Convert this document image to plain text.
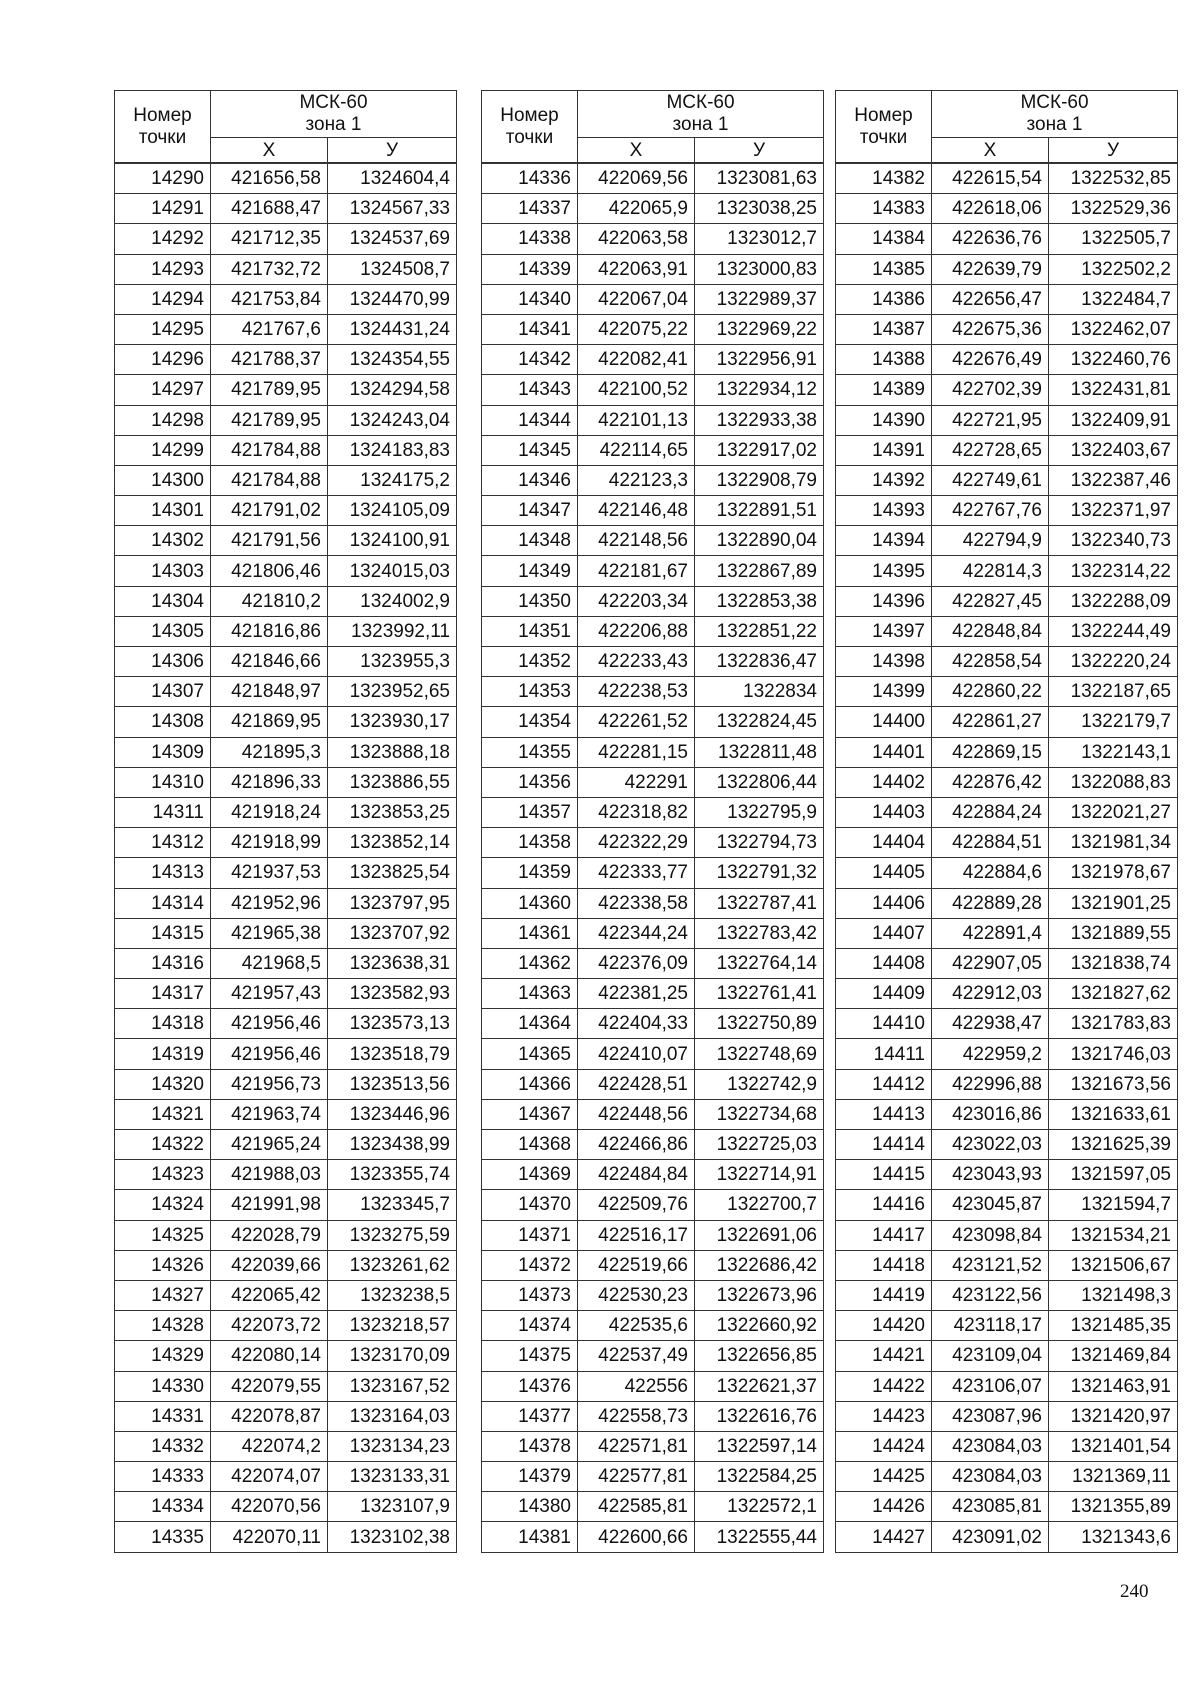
Номер
точки	МСК-60
зона 1	
	Х	У
14290	421656,58	1324604,4
14291	421688,47	1324567,33
14292	421712,35	1324537,69
14293	421732,72	1324508,7
14294	421753,84	1324470,99
14295	421767,6	1324431,24
14296	421788,37	1324354,55
14297	421789,95	1324294,58
14298	421789,95	1324243,04
14299	421784,88	1324183,83
14300	421784,88	1324175,2
14301	421791,02	1324105,09
14302	421791,56	1324100,91
14303	421806,46	1324015,03
14304	421810,2	1324002,9
14305	421816,86	1323992,11
14306	421846,66	1323955,3
14307	421848,97	1323952,65
14308	421869,95	1323930,17
14309	421895,3	1323888,18
14310	421896,33	1323886,55
14311	421918,24	1323853,25
14312	421918,99	1323852,14
14313	421937,53	1323825,54
14314	421952,96	1323797,95
14315	421965,38	1323707,92
14316	421968,5	1323638,31
14317	421957,43	1323582,93
14318	421956,46	1323573,13
14319	421956,46	1323518,79
14320	421956,73	1323513,56
14321	421963,74	1323446,96
14322	421965,24	1323438,99
14323	421988,03	1323355,74
14324	421991,98	1323345,7
14325	422028,79	1323275,59
14326	422039,66	1323261,62
14327	422065,42	1323238,5
14328	422073,72	1323218,57
14329	422080,14	1323170,09
14330	422079,55	1323167,52
14331	422078,87	1323164,03
14332	422074,2	1323134,23
14333	422074,07	1323133,31
14334	422070,56	1323107,9
14335	422070,11	1323102,38
Номер
точки	МСК-60
зона 1	
	Х	У
14336	422069,56	1323081,63
14337	422065,9	1323038,25
14338	422063,58	1323012,7
14339	422063,91	1323000,83
14340	422067,04	1322989,37
14341	422075,22	1322969,22
14342	422082,41	1322956,91
14343	422100,52	1322934,12
14344	422101,13	1322933,38
14345	422114,65	1322917,02
14346	422123,3	1322908,79
14347	422146,48	1322891,51
14348	422148,56	1322890,04
14349	422181,67	1322867,89
14350	422203,34	1322853,38
14351	422206,88	1322851,22
14352	422233,43	1322836,47
14353	422238,53	1322834
14354	422261,52	1322824,45
14355	422281,15	1322811,48
14356	422291	1322806,44
14357	422318,82	1322795,9
14358	422322,29	1322794,73
14359	422333,77	1322791,32
14360	422338,58	1322787,41
14361	422344,24	1322783,42
14362	422376,09	1322764,14
14363	422381,25	1322761,41
14364	422404,33	1322750,89
14365	422410,07	1322748,69
14366	422428,51	1322742,9
14367	422448,56	1322734,68
14368	422466,86	1322725,03
14369	422484,84	1322714,91
14370	422509,76	1322700,7
14371	422516,17	1322691,06
14372	422519,66	1322686,42
14373	422530,23	1322673,96
14374	422535,6	1322660,92
14375	422537,49	1322656,85
14376	422556	1322621,37
14377	422558,73	1322616,76
14378	422571,81	1322597,14
14379	422577,81	1322584,25
14380	422585,81	1322572,1
14381	422600,66	1322555,44
Номер
точки	МСК-60
зона 1	
	Х	У
14382	422615,54	1322532,85
14383	422618,06	1322529,36
14384	422636,76	1322505,7
14385	422639,79	1322502,2
14386	422656,47	1322484,7
14387	422675,36	1322462,07
14388	422676,49	1322460,76
14389	422702,39	1322431,81
14390	422721,95	1322409,91
14391	422728,65	1322403,67
14392	422749,61	1322387,46
14393	422767,76	1322371,97
14394	422794,9	1322340,73
14395	422814,3	1322314,22
14396	422827,45	1322288,09
14397	422848,84	1322244,49
14398	422858,54	1322220,24
14399	422860,22	1322187,65
14400	422861,27	1322179,7
14401	422869,15	1322143,1
14402	422876,42	1322088,83
14403	422884,24	1322021,27
14404	422884,51	1321981,34
14405	422884,6	1321978,67
14406	422889,28	1321901,25
14407	422891,4	1321889,55
14408	422907,05	1321838,74
14409	422912,03	1321827,62
14410	422938,47	1321783,83
14411	422959,2	1321746,03
14412	422996,88	1321673,56
14413	423016,86	1321633,61
14414	423022,03	1321625,39
14415	423043,93	1321597,05
14416	423045,87	1321594,7
14417	423098,84	1321534,21
14418	423121,52	1321506,67
14419	423122,56	1321498,3
14420	423118,17	1321485,35
14421	423109,04	1321469,84
14422	423106,07	1321463,91
14423	423087,96	1321420,97
14424	423084,03	1321401,54
14425	423084,03	1321369,11
14426	423085,81	1321355,89
14427	423091,02	1321343,6
240
